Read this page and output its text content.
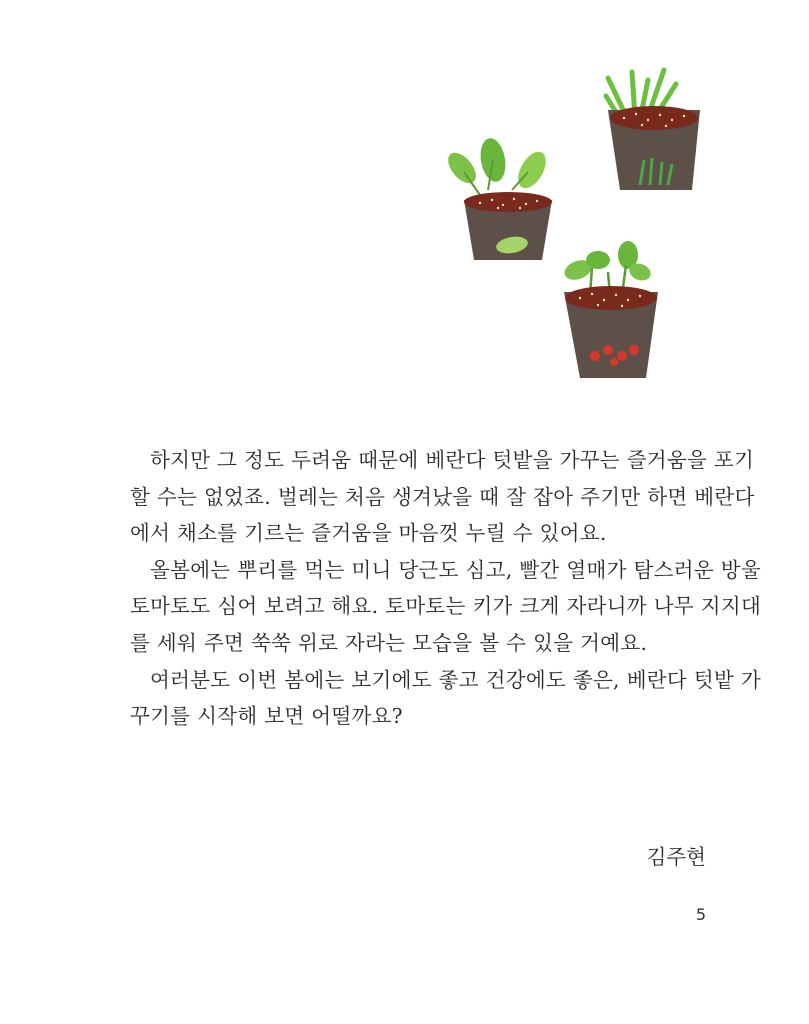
하지만 그 정도 두려움 때문에 베란다 텃밭을 가꾸는 즐거움을 포기
할 수는 없었죠. 벌레는 처음 생겨났을 때 잘 잡아 주기만 하면 베란다
에서 채소를 기르는 즐거움을 마음껏 누릴 수 있어요.
올봄에는 뿌리를 먹는 미니 당근도 심고, 빨간 열매가 탐스러운 방울
토마토도 심어 보려고 해요. 토마토는 키가 크게 자라니까 나무 지지대
를 세워 주면 쑥쑥 위로 자라는 모습을 볼 수 있을 거예요.
여러분도 이번 봄에는 보기에도 좋고 건강에도 좋은, 베란다 텃밭 가
꾸기를 시작해 보면 어떨까요?
김주현
5
